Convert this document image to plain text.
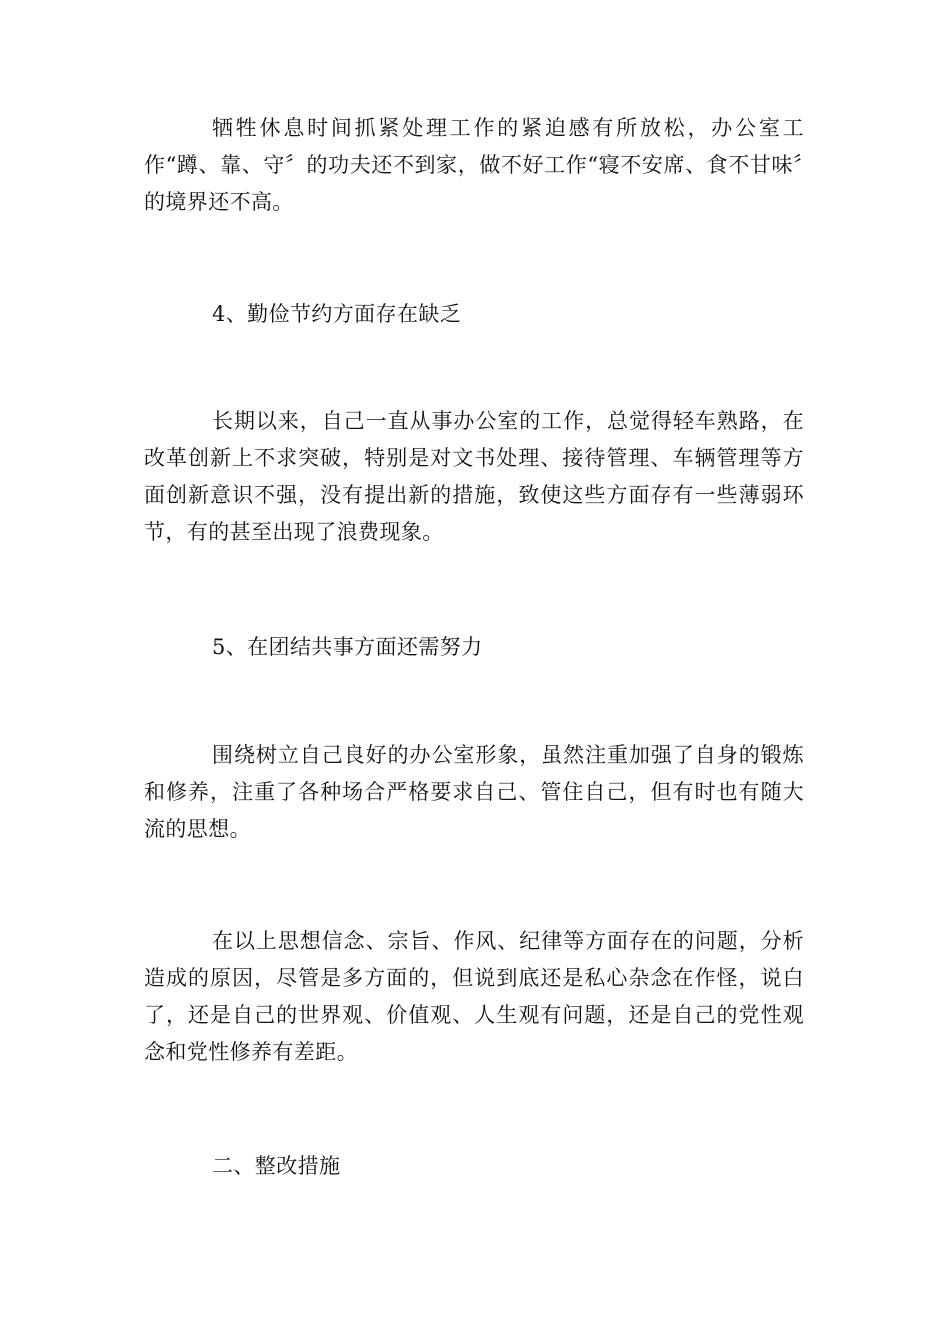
牺牲休息时间抓紧处理工作的紧迫感有所放松，办公室工作“蹲、靠、守〞的功夫还不到家，做不好工作“寝不安席、食不甘味〞的境界还不高。

4、勤俭节约方面存在缺乏

长期以来，自己一直从事办公室的工作，总觉得轻车熟路，在改革创新上不求突破，特别是对文书处理、接待管理、车辆管理等方面创新意识不强，没有提出新的措施，致使这些方面存有一些薄弱环节，有的甚至出现了浪费现象。

5、在团结共事方面还需努力

围绕树立自己良好的办公室形象，虽然注重加强了自身的锻炼和修养，注重了各种场合严格要求自己、管住自己，但有时也有随大流的思想。

在以上思想信念、宗旨、作风、纪律等方面存在的问题，分析造成的原因，尽管是多方面的，但说到底还是私心杂念在作怪，说白了，还是自己的世界观、价值观、人生观有问题，还是自己的党性观念和党性修养有差距。

二、整改措施
